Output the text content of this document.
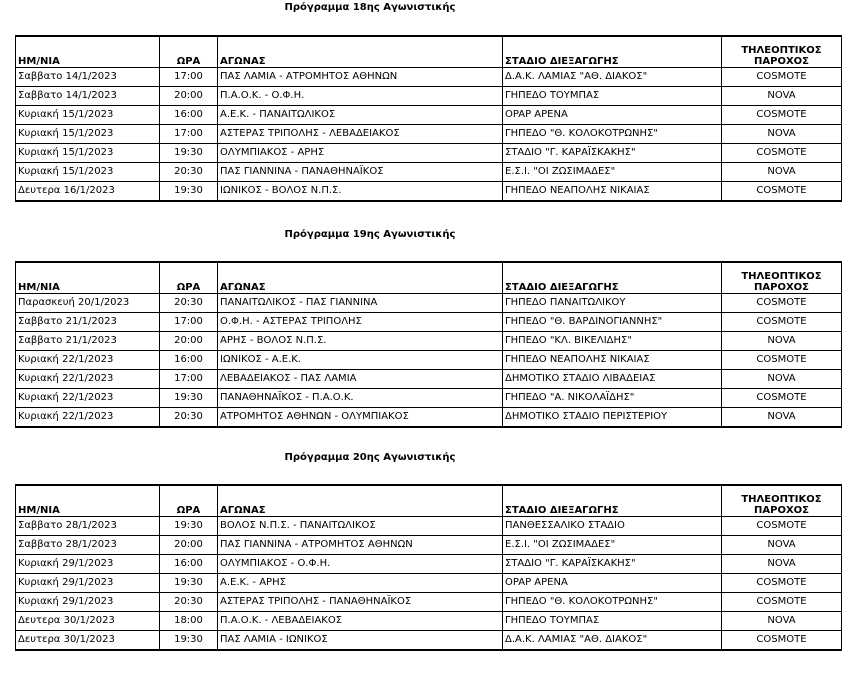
Πρόγραμμα 18ης Αγωνιστικής
ΗΜ/ΝΙΑ	ΩΡΑ	ΑΓΩΝΑΣ	ΣΤΑΔΙΟ ΔΙΕΞΑΓΩΓΗΣ	ΤΗΛΕΟΠΤΙΚΟΣ
ΠΑΡΟΧΟΣ
Σαββατο 14/1/2023	17:00	ΠΑΣ ΛΑΜΙΑ - ΑΤΡΟΜΗΤΟΣ ΑΘΗΝΩΝ	Δ.Α.Κ. ΛΑΜΙΑΣ "ΑΘ. ΔΙΑΚΟΣ"	COSMOTE
Σαββατο 14/1/2023	20:00	Π.Α.Ο.Κ. - Ο.Φ.Η.	ΓΗΠΕΔΟ ΤΟΥΜΠΑΣ	NOVA
Κυριακή 15/1/2023	16:00	Α.Ε.Κ. - ΠΑΝΑΙΤΩΛΙΚΟΣ	OPAP ΑΡΕΝΑ	COSMOTE
Κυριακή 15/1/2023	17:00	ΑΣΤΕΡΑΣ ΤΡΙΠΟΛΗΣ - ΛΕΒΑΔΕΙΑΚΟΣ	ΓΗΠΕΔΟ "Θ. ΚΟΛΟΚΟΤΡΩΝΗΣ"	NOVA
Κυριακή 15/1/2023	19:30	ΟΛΥΜΠΙΑΚΟΣ - ΑΡΗΣ	ΣΤΑΔΙΟ "Γ. ΚΑΡΑΪΣΚΑΚΗΣ"	COSMOTE
Κυριακή 15/1/2023	20:30	ΠΑΣ ΓΙΑΝΝΙΝΑ - ΠΑΝΑΘΗΝΑΪΚΟΣ	Ε.Σ.Ι. "ΟΙ ΖΩΣΙΜΑΔΕΣ"	NOVA
Δευτερα 16/1/2023	19:30	ΙΩΝΙΚΟΣ - ΒΟΛΟΣ Ν.Π.Σ.	ΓΗΠΕΔΟ ΝΕΑΠΟΛΗΣ ΝΙΚΑΙΑΣ	COSMOTE
Πρόγραμμα 19ης Αγωνιστικής
ΗΜ/ΝΙΑ	ΩΡΑ	ΑΓΩΝΑΣ	ΣΤΑΔΙΟ ΔΙΕΞΑΓΩΓΗΣ	ΤΗΛΕΟΠΤΙΚΟΣ
ΠΑΡΟΧΟΣ
Παρασκευή 20/1/2023	20:30	ΠΑΝΑΙΤΩΛΙΚΟΣ - ΠΑΣ ΓΙΑΝΝΙΝΑ	ΓΗΠΕΔΟ ΠΑΝΑΙΤΩΛΙΚΟΥ	COSMOTE
Σαββατο 21/1/2023	17:00	Ο.Φ.Η. - ΑΣΤΕΡΑΣ ΤΡΙΠΟΛΗΣ	ΓΗΠΕΔΟ "Θ. ΒΑΡΔΙΝΟΓΙΑΝΝΗΣ"	COSMOTE
Σαββατο 21/1/2023	20:00	ΑΡΗΣ - ΒΟΛΟΣ Ν.Π.Σ.	ΓΗΠΕΔΟ "ΚΛ. ΒΙΚΕΛΙΔΗΣ"	NOVA
Κυριακή 22/1/2023	16:00	ΙΩΝΙΚΟΣ - Α.Ε.Κ.	ΓΗΠΕΔΟ ΝΕΑΠΟΛΗΣ ΝΙΚΑΙΑΣ	COSMOTE
Κυριακή 22/1/2023	17:00	ΛΕΒΑΔΕΙΑΚΟΣ - ΠΑΣ ΛΑΜΙΑ	ΔΗΜΟΤΙΚΟ ΣΤΑΔΙΟ ΛΙΒΑΔΕΙΑΣ	NOVA
Κυριακή 22/1/2023	19:30	ΠΑΝΑΘΗΝΑΪΚΟΣ - Π.Α.Ο.Κ.	ΓΗΠΕΔΟ "Α. ΝΙΚΟΛΑΪΔΗΣ"	COSMOTE
Κυριακή 22/1/2023	20:30	ΑΤΡΟΜΗΤΟΣ ΑΘΗΝΩΝ - ΟΛΥΜΠΙΑΚΟΣ	ΔΗΜΟΤΙΚΟ ΣΤΑΔΙΟ ΠΕΡΙΣΤΕΡΙΟΥ	NOVA
Πρόγραμμα 20ης Αγωνιστικής
ΗΜ/ΝΙΑ	ΩΡΑ	ΑΓΩΝΑΣ	ΣΤΑΔΙΟ ΔΙΕΞΑΓΩΓΗΣ	ΤΗΛΕΟΠΤΙΚΟΣ
ΠΑΡΟΧΟΣ
Σαββατο 28/1/2023	19:30	ΒΟΛΟΣ Ν.Π.Σ. - ΠΑΝΑΙΤΩΛΙΚΟΣ	ΠΑΝΘΕΣΣΑΛΙΚΟ ΣΤΑΔΙΟ	COSMOTE
Σαββατο 28/1/2023	20:00	ΠΑΣ ΓΙΑΝΝΙΝΑ - ΑΤΡΟΜΗΤΟΣ ΑΘΗΝΩΝ	Ε.Σ.Ι. "ΟΙ ΖΩΣΙΜΑΔΕΣ"	NOVA
Κυριακή 29/1/2023	16:00	ΟΛΥΜΠΙΑΚΟΣ - Ο.Φ.Η.	ΣΤΑΔΙΟ "Γ. ΚΑΡΑΪΣΚΑΚΗΣ"	NOVA
Κυριακή 29/1/2023	19:30	Α.Ε.Κ. - ΑΡΗΣ	OPAP ΑΡΕΝΑ	COSMOTE
Κυριακή 29/1/2023	20:30	ΑΣΤΕΡΑΣ ΤΡΙΠΟΛΗΣ - ΠΑΝΑΘΗΝΑΪΚΟΣ	ΓΗΠΕΔΟ "Θ. ΚΟΛΟΚΟΤΡΩΝΗΣ"	COSMOTE
Δευτερα 30/1/2023	18:00	Π.Α.Ο.Κ. - ΛΕΒΑΔΕΙΑΚΟΣ	ΓΗΠΕΔΟ ΤΟΥΜΠΑΣ	NOVA
Δευτερα 30/1/2023	19:30	ΠΑΣ ΛΑΜΙΑ - ΙΩΝΙΚΟΣ	Δ.Α.Κ. ΛΑΜΙΑΣ "ΑΘ. ΔΙΑΚΟΣ"	COSMOTE
